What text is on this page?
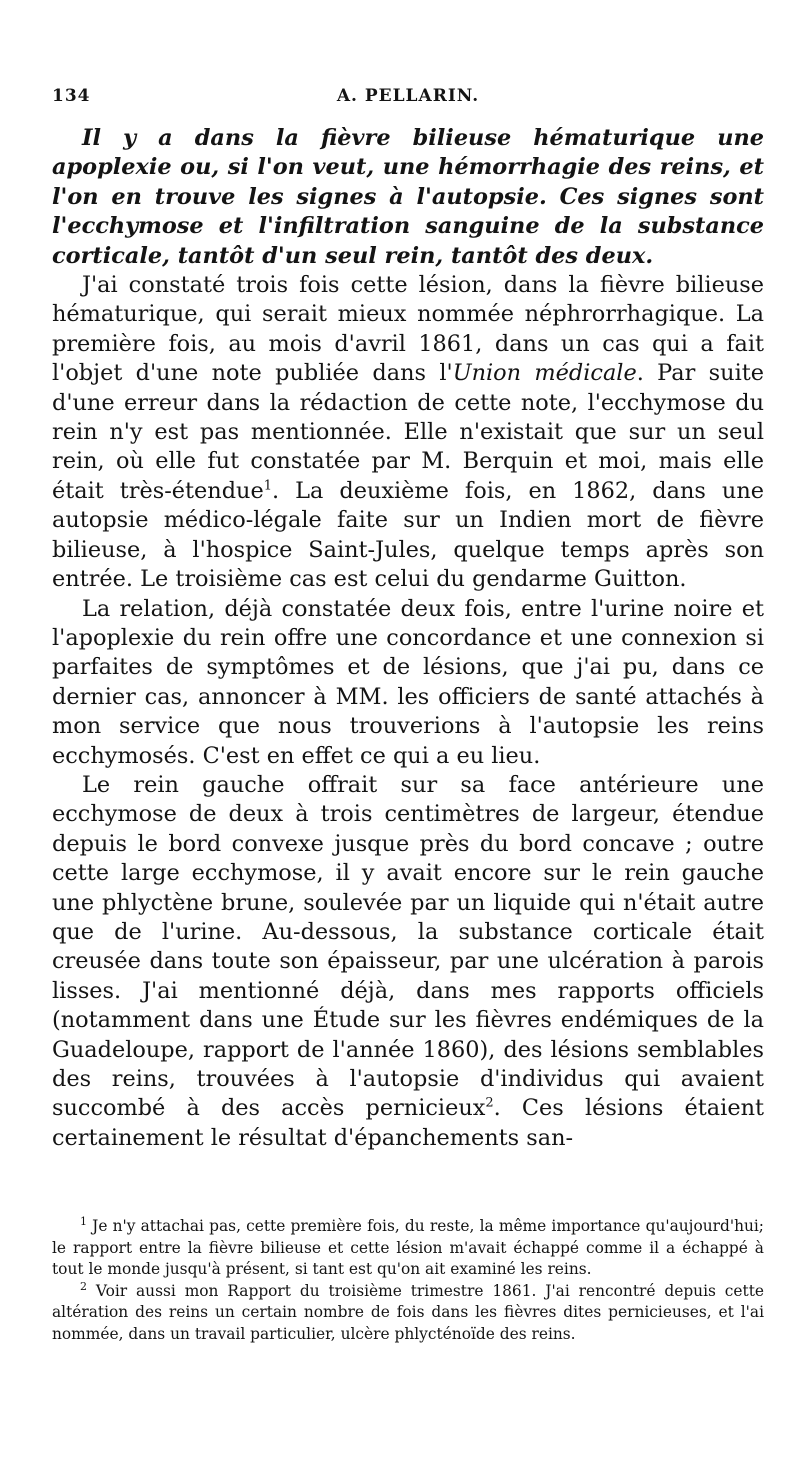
134	A. PELLARIN.

Il y a dans la fièvre bilieuse hématurique une apoplexie ou, si l'on veut, une hémorrhagie des reins, et l'on en trouve les signes à l'autopsie. Ces signes sont l'ecchymose et l'infiltration sanguine de la substance corticale, tantôt d'un seul rein, tantôt des deux.

J'ai constaté trois fois cette lésion, dans la fièvre bilieuse hématurique, qui serait mieux nommée néphrorrhagique. La première fois, au mois d'avril 1861, dans un cas qui a fait l'objet d'une note publiée dans l'Union médicale. Par suite d'une erreur dans la rédaction de cette note, l'ecchymose du rein n'y est pas mentionnée. Elle n'existait que sur un seul rein, où elle fut constatée par M. Berquin et moi, mais elle était très-étendue$^1$. La deuxième fois, en 1862, dans une autopsie médico-légale faite sur un Indien mort de fièvre bilieuse, à l'hospice Saint-Jules, quelque temps après son entrée. Le troisième cas est celui du gendarme Guitton.

La relation, déjà constatée deux fois, entre l'urine noire et l'apoplexie du rein offre une concordance et une connexion si parfaites de symptômes et de lésions, que j'ai pu, dans ce dernier cas, annoncer à MM. les officiers de santé attachés à mon service que nous trouverions à l'autopsie les reins ecchymosés. C'est en effet ce qui a eu lieu.

Le rein gauche offrait sur sa face antérieure une ecchymose de deux à trois centimètres de largeur, étendue depuis le bord convexe jusque près du bord concave ; outre cette large ecchymose, il y avait encore sur le rein gauche une phlyctène brune, soulevée par un liquide qui n'était autre que de l'urine. Au-dessous, la substance corticale était creusée dans toute son épaisseur, par une ulcération à parois lisses. J'ai mentionné déjà, dans mes rapports officiels (notamment dans une Étude sur les fièvres endémiques de la Guadeloupe, rapport de l'année 1860), des lésions semblables des reins, trouvées à l'autopsie d'individus qui avaient succombé à des accès pernicieux$^2$. Ces lésions étaient certainement le résultat d'épanchements san-

$^1$ Je n'y attachai pas, cette première fois, du reste, la même importance qu'aujourd'hui; le rapport entre la fièvre bilieuse et cette lésion m'avait échappé comme il a échappé à tout le monde jusqu'à présent, si tant est qu'on ait examiné les reins.

$^2$ Voir aussi mon Rapport du troisième trimestre 1861. J'ai rencontré depuis cette altération des reins un certain nombre de fois dans les fièvres dites pernicieuses, et l'ai nommée, dans un travail particulier, ulcère phlycténoïde des reins.
